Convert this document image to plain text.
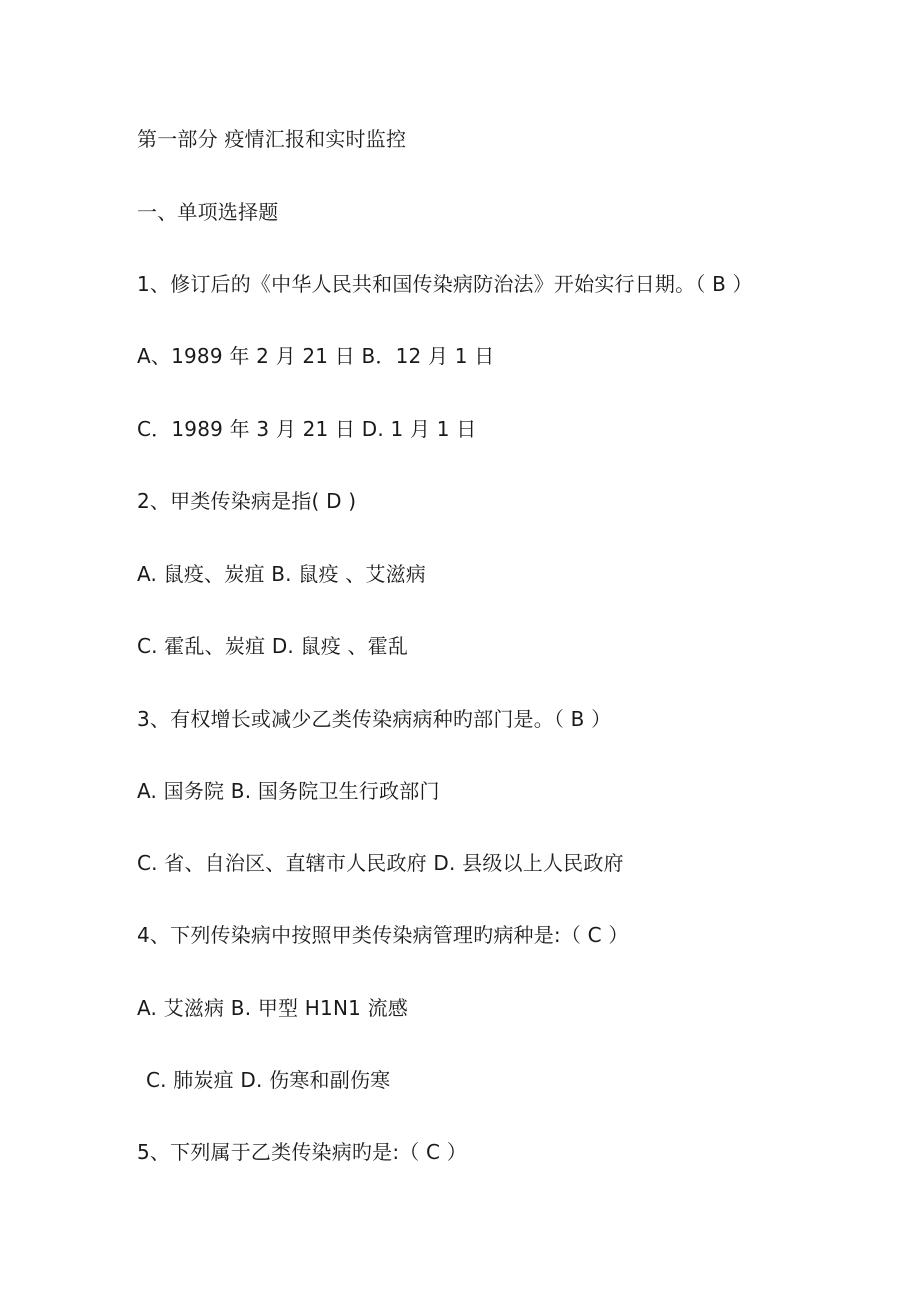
第一部分 疫情汇报和实时监控
一、单项选择题
1、修订后的《中华人民共和国传染病防治法》开始实行日期。（ B ）
A、1989 年 2 月 21 日 B．12 月 1 日
C．1989 年 3 月 21 日 D. 1 月 1 日
2、甲类传染病是指( D )
A. 鼠疫、炭疽 B. 鼠疫 、艾滋病
C. 霍乱、炭疽 D. 鼠疫 、霍乱
3、有权增长或减少乙类传染病病种旳部门是。（ B ）
A. 国务院 B. 国务院卫生行政部门
C. 省、自治区、直辖市人民政府 D. 县级以上人民政府
4、下列传染病中按照甲类传染病管理旳病种是:（ C ）
A. 艾滋病 B. 甲型 H1N1 流感
C. 肺炭疽 D. 伤寒和副伤寒
5、下列属于乙类传染病旳是:（ C ）
